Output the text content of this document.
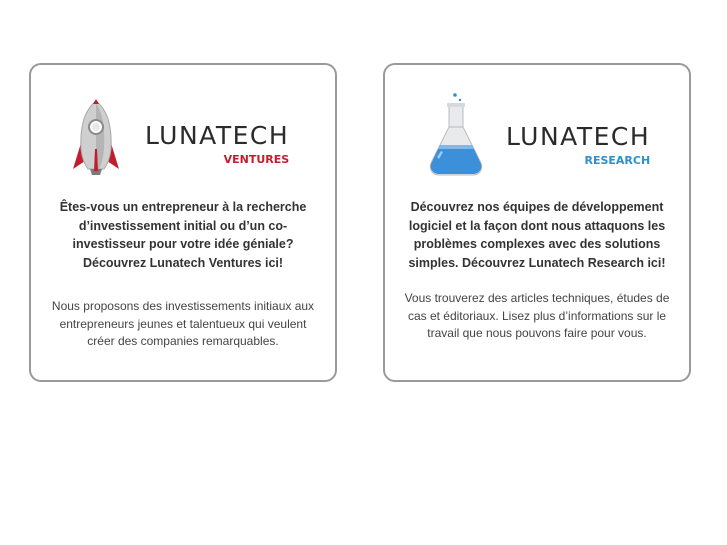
LUNATECH
VENTURES
Êtes-vous un entrepreneur à la recherche d’investissement initial ou d’un co-investisseur pour votre idée géniale? Découvrez Lunatech Ventures ici!
Nous proposons des investissements initiaux aux entrepreneurs jeunes et talentueux qui veulent créer des companies remarquables.
LUNATECH
RESEARCH
Découvrez nos équipes de développement logiciel et la façon dont nous attaquons les problèmes complexes avec des solutions simples. Découvrez Lunatech Research ici!
Vous trouverez des articles techniques, études de cas et éditoriaux. Lisez plus d’informations sur le travail que nous pouvons faire pour vous.
